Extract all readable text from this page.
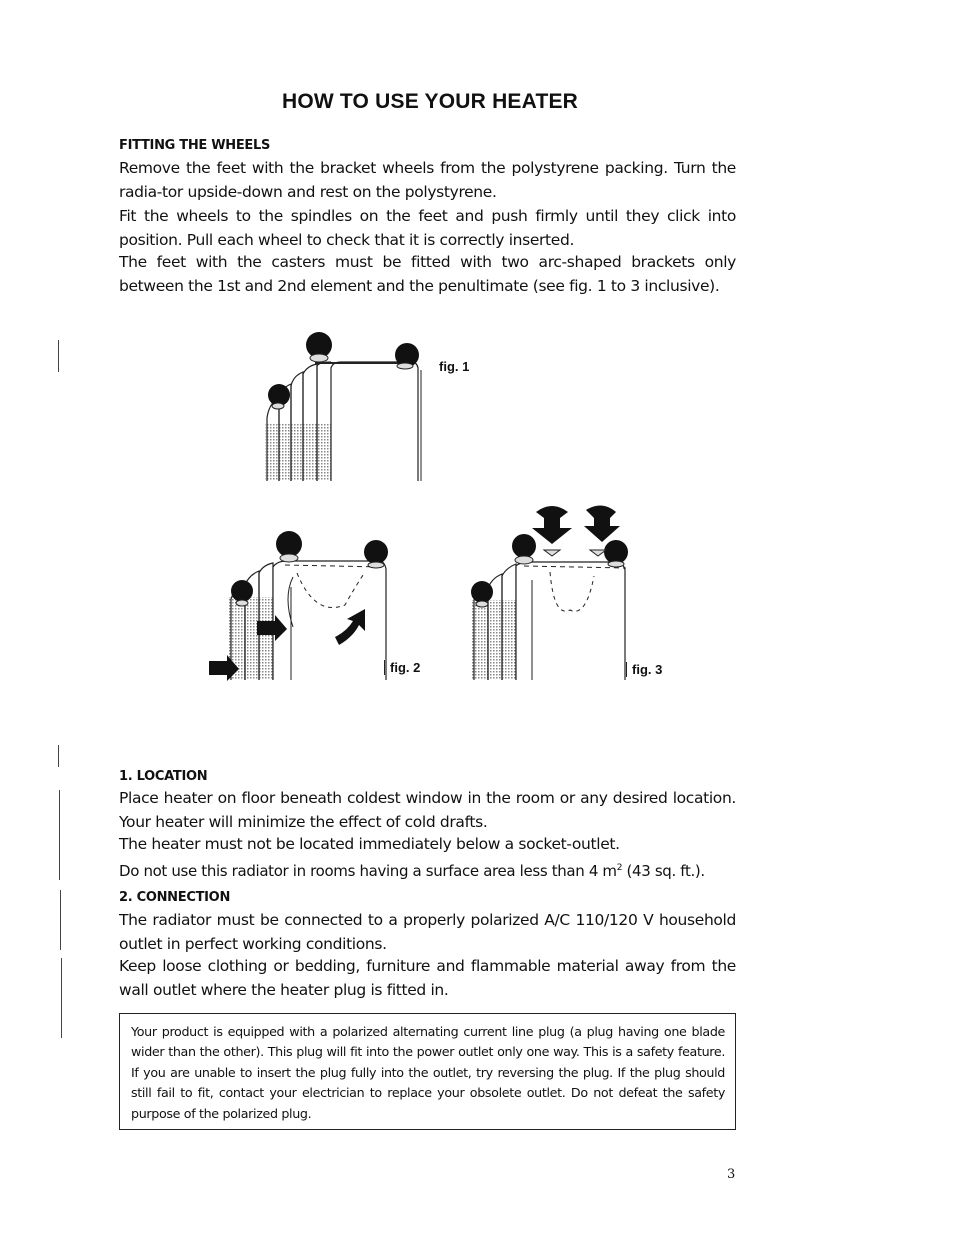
HOW TO USE YOUR HEATER
FITTING THE WHEELS
Remove the feet with the bracket wheels from the polystyrene packing. Turn the radia-tor upside-down and rest on the polystyrene.
Fit the wheels to the spindles on the feet and push firmly until they click into position. Pull each wheel to check that it is correctly inserted.
The feet with the casters must be fitted with two arc-shaped brackets only between the 1st and 2nd element and the penultimate (see fig. 1 to 3 inclusive).
fig. 1
fig. 2	fig. 3
1. LOCATION
Place heater on floor beneath coldest window in the room or any desired location. Your heater will minimize the effect of cold drafts.
The heater must not be located immediately below a socket-outlet.
Do not use this radiator in rooms having a surface area less than 4 $m^2$ (43 sq. ft.).
2. CONNECTION
The radiator must be connected to a properly polarized A/C 110/120 V household outlet in perfect working conditions.
Keep loose clothing or bedding, furniture and flammable material away from the wall outlet where the heater plug is fitted in.
Your product is equipped with a polarized alternating current line plug (a plug having one blade wider than the other). This plug will fit into the power outlet only one way. This is a safety feature. If you are unable to insert the plug fully into the outlet, try reversing the plug. If the plug should still fail to fit, contact your electrician to replace your obsolete outlet. Do not defeat the safety purpose of the polarized plug.
3
